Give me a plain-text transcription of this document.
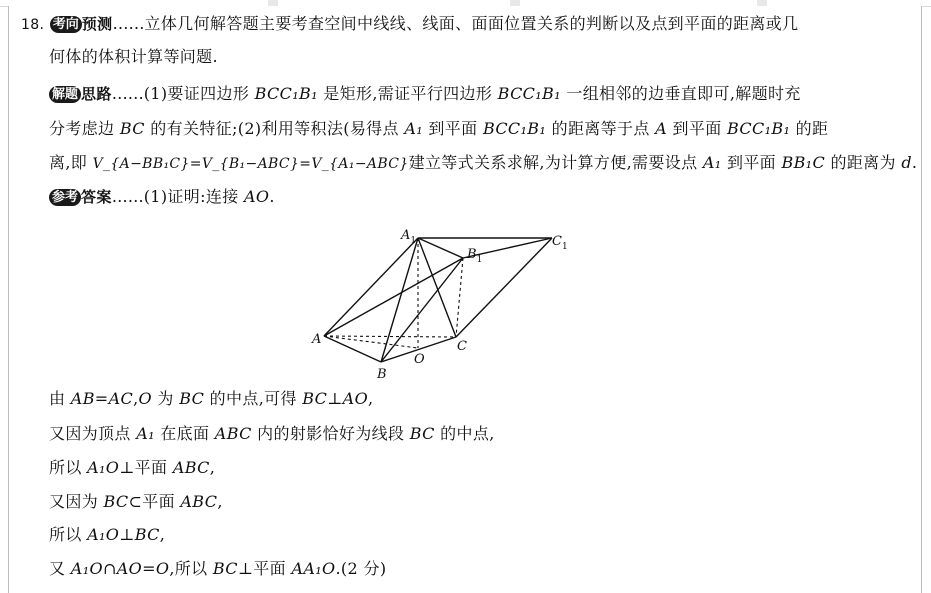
18. 考向 预测……立体几何解答题主要考查空间中线线、线面、面面位置关系的判断以及点到平面的距离或几
何体的体积计算等问题.
解题 思路……(1)要证四边形 BCC₁B₁ 是矩形,需证平行四边形 BCC₁B₁ 一组相邻的边垂直即可,解题时充
分考虑边 BC 的有关特征;(2)利用等积法(易得点 A₁ 到平面 BCC₁B₁ 的距离等于点 A 到平面 BCC₁B₁ 的距
离,即 V_{A−BB₁C}=V_{B₁−ABC}=V_{A₁−ABC}建立等式关系求解,为计算方便,需要设点 A₁ 到平面 BB₁C 的距离为 d.
参考 答案……(1)证明:连接 AO.
$A_1$
$B_1$
$C_1$
A
B
C
O
由 AB=AC,O 为 BC 的中点,可得 BC⊥AO,
又因为顶点 A₁ 在底面 ABC 内的射影恰好为线段 BC 的中点,
所以 A₁O⊥平面 ABC,
又因为 BC⊂平面 ABC,
所以 A₁O⊥BC,
又 A₁O∩AO=O,所以 BC⊥平面 AA₁O.(2 分)
